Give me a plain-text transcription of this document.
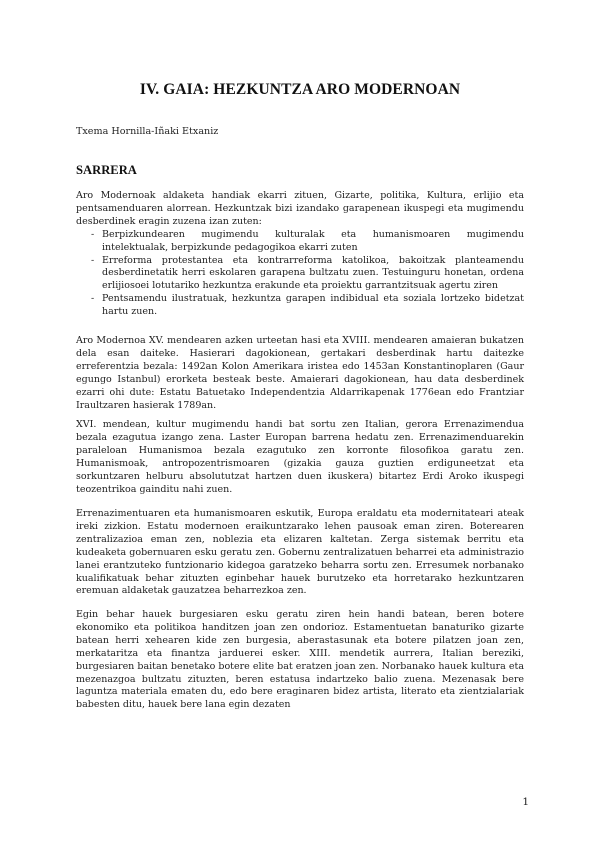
IV. GAIA: HEZKUNTZA ARO MODERNOAN
Txema Hornilla-Iñaki Etxaniz
SARRERA

Aro Modernoak aldaketa handiak ekarri zituen, Gizarte, politika, Kultura, erlijio eta pentsamenduaren alorrean. Hezkuntzak bizi izandako garapenean ikuspegi eta mugimendu desberdinek eragin zuzena izan zuten:

- Berpizkundearen mugimendu kulturalak eta humanismoaren mugimendu intelektualak, berpizkunde pedagogikoa ekarri zuten
- Erreforma protestantea eta kontrarreforma katolikoa, bakoitzak planteamendu desberdinetatik herri eskolaren garapena bultzatu zuen. Testuinguru honetan, ordena erlijiosoei lotutariko hezkuntza erakunde eta proiektu garrantzitsuak agertu ziren
- Pentsamendu ilustratuak, hezkuntza garapen indibidual eta soziala lortzeko bidetzat hartu zuen.

Aro Modernoa XV. mendearen azken urteetan hasi eta XVIII. mendearen amaieran bukatzen dela esan daiteke. Hasierari dagokionean, gertakari desberdinak hartu daitezke erreferentzia bezala: 1492an Kolon Amerikara iristea edo 1453an Konstantinoplaren (Gaur egungo Istanbul) erorketa besteak beste. Amaierari dagokionean, hau data desberdinek ezarri ohi dute: Estatu Batuetako Independentzia Aldarrikapenak 1776ean edo Frantziar Iraultzaren hasierak 1789an.

XVI. mendean, kultur mugimendu handi bat sortu zen Italian, gerora Errenazimendua bezala ezagutua izango zena. Laster Europan barrena hedatu zen. Errenazimenduarekin paraleloan Humanismoa bezala ezagutuko zen korronte filosofikoa garatu zen. Humanismoak, antropozentrismoaren (gizakia gauza guztien erdiguneetzat eta sorkuntzaren helburu absolututzat hartzen duen ikuskera) bitartez Erdi Aroko ikuspegi teozentrikoa gainditu nahi zuen.

Errenazimentuaren eta humanismoaren eskutik, Europa eraldatu eta modernitateari ateak ireki zizkion. Estatu modernoen eraikuntzarako lehen pausoak eman ziren. Boterearen zentralizazioa eman zen, noblezia eta elizaren kaltetan. Zerga sistemak berritu eta kudeaketa gobernuaren esku geratu zen. Gobernu zentralizatuen beharrei eta administrazio lanei erantzuteko funtzionario kidegoa garatzeko beharra sortu zen. Erresumek norbanako kualifikatuak behar zituzten eginbehar hauek burutzeko eta horretarako hezkuntzaren eremuan aldaketak gauzatzea beharrezkoa zen.

Egin behar hauek burgesiaren esku geratu ziren hein handi batean, beren botere ekonomiko eta politikoa handitzen joan zen ondorioz. Estamentuetan banaturiko gizarte batean herri xehearen kide zen burgesia, aberastasunak eta botere pilatzen joan zen, merkataritza eta finantza jarduerei esker. XIII. mendetik aurrera, Italian bereziki, burgesiaren baitan benetako botere elite bat eratzen joan zen. Norbanako hauek kultura eta mezenazgoa bultzatu zituzten, beren estatusa indartzeko balio zuena. Mezenasak bere laguntza materiala ematen du, edo bere eraginaren bidez artista, literato eta zientzialariak babesten ditu, hauek bere lana egin dezaten

1
